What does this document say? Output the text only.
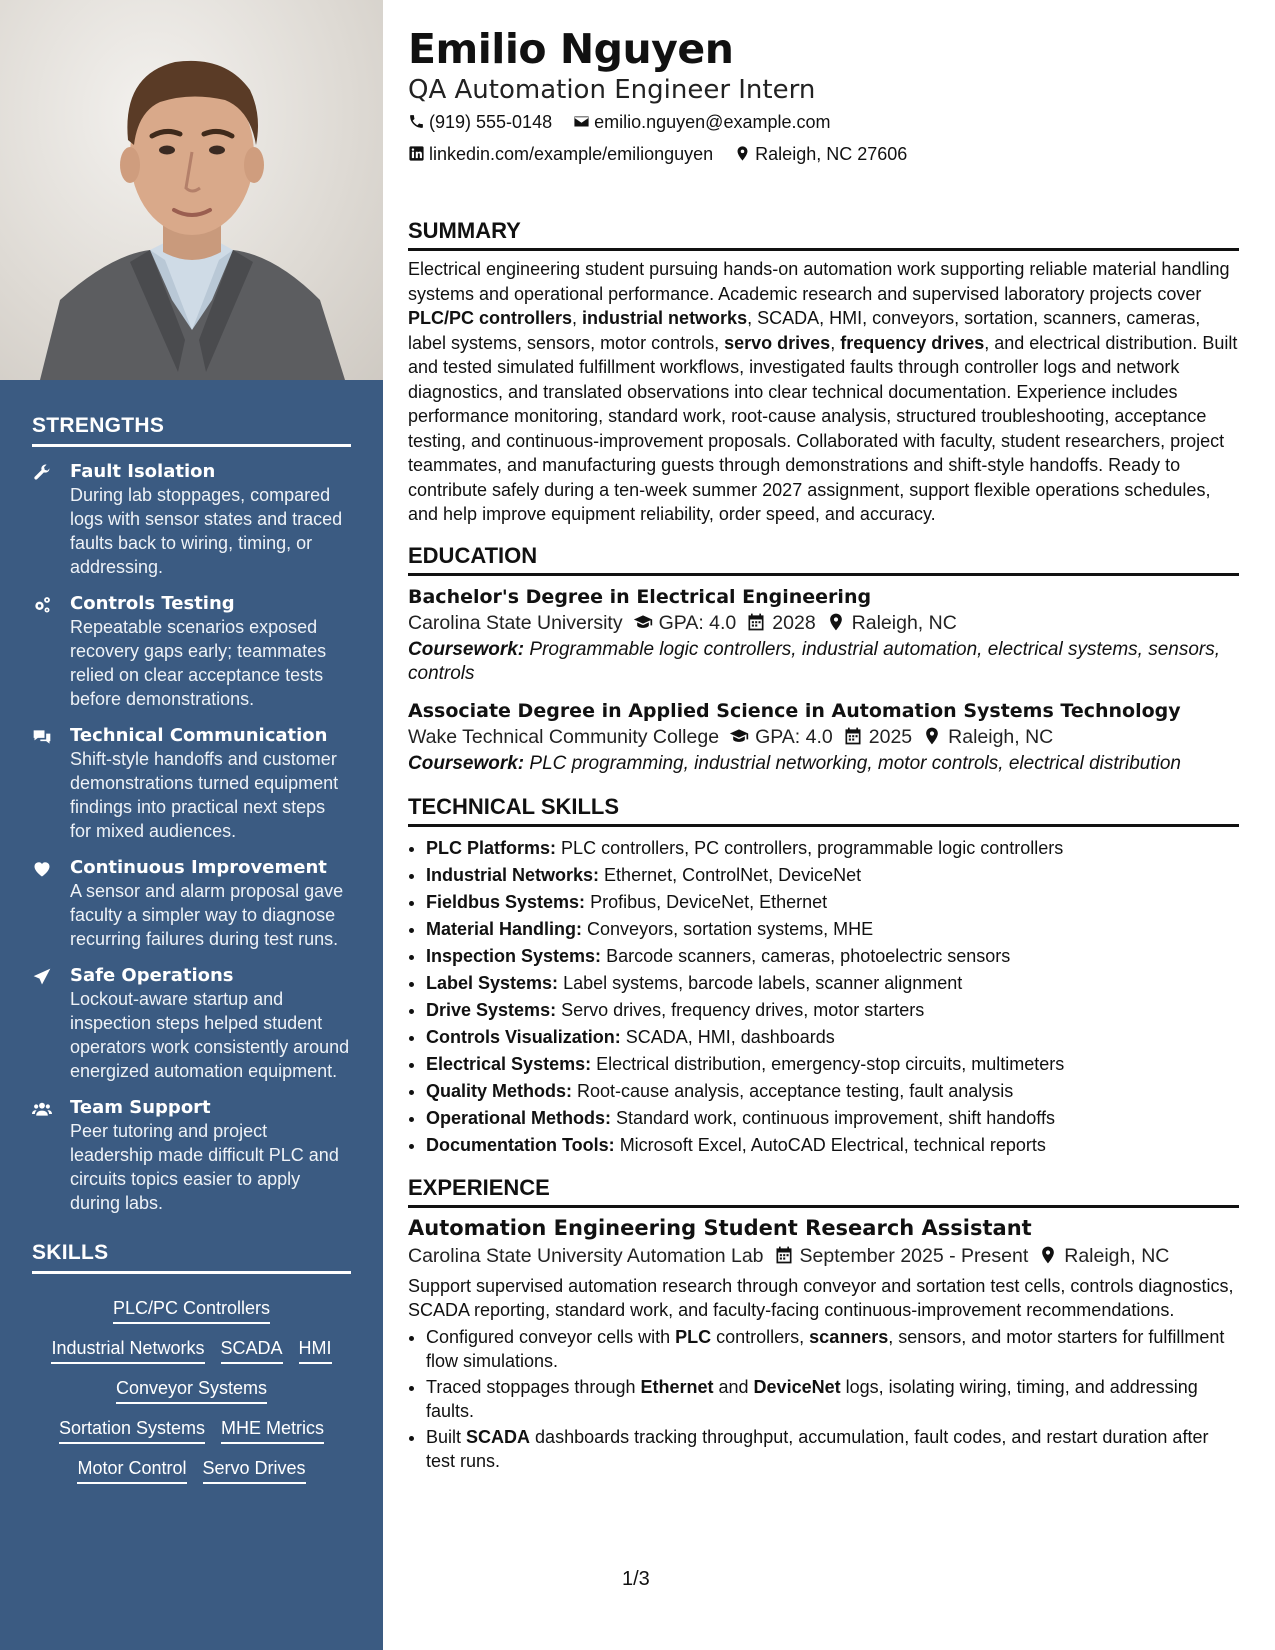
STRENGTHS
Fault Isolation
During lab stoppages, compared logs with sensor states and traced faults back to wiring, timing, or addressing.
Controls Testing
Repeatable scenarios exposed recovery gaps early; teammates relied on clear acceptance tests before demonstrations.
Technical Communication
Shift-style handoffs and customer demonstrations turned equipment findings into practical next steps for mixed audiences.
Continuous Improvement
A sensor and alarm proposal gave faculty a simpler way to diagnose recurring failures during test runs.
Safe Operations
Lockout-aware startup and inspection steps helped student operators work consistently around energized automation equipment.
Team Support
Peer tutoring and project leadership made difficult PLC and circuits topics easier to apply during labs.
SKILLS
PLC/PC Controllers
Industrial Networks SCADA HMI
Conveyor Systems
Sortation Systems MHE Metrics
Motor Control Servo Drives
Emilio Nguyen
QA Automation Engineer Intern
(919) 555-0148 emilio.nguyen@example.com
linkedin.com/example/emilionguyen Raleigh, NC 27606
SUMMARY
Electrical engineering student pursuing hands-on automation work supporting reliable material handling systems and operational performance. Academic research and supervised laboratory projects cover PLC/PC controllers, industrial networks, SCADA, HMI, conveyors, sortation, scanners, cameras, label systems, sensors, motor controls, servo drives, frequency drives, and electrical distribution. Built and tested simulated fulfillment workflows, investigated faults through controller logs and network diagnostics, and translated observations into clear technical documentation. Experience includes performance monitoring, standard work, root-cause analysis, structured troubleshooting, acceptance testing, and continuous-improvement proposals. Collaborated with faculty, student researchers, project teammates, and manufacturing guests through demonstrations and shift-style handoffs. Ready to contribute safely during a ten-week summer 2027 assignment, support flexible operations schedules, and help improve equipment reliability, order speed, and accuracy.
EDUCATION
Bachelor's Degree in Electrical Engineering
Carolina State University GPA: 4.0 2028 Raleigh, NC
Coursework: Programmable logic controllers, industrial automation, electrical systems, sensors, controls
Associate Degree in Applied Science in Automation Systems Technology
Wake Technical Community College GPA: 4.0 2025 Raleigh, NC
Coursework: PLC programming, industrial networking, motor controls, electrical distribution
TECHNICAL SKILLS
• PLC Platforms: PLC controllers, PC controllers, programmable logic controllers
• Industrial Networks: Ethernet, ControlNet, DeviceNet
• Fieldbus Systems: Profibus, DeviceNet, Ethernet
• Material Handling: Conveyors, sortation systems, MHE
• Inspection Systems: Barcode scanners, cameras, photoelectric sensors
• Label Systems: Label systems, barcode labels, scanner alignment
• Drive Systems: Servo drives, frequency drives, motor starters
• Controls Visualization: SCADA, HMI, dashboards
• Electrical Systems: Electrical distribution, emergency-stop circuits, multimeters
• Quality Methods: Root-cause analysis, acceptance testing, fault analysis
• Operational Methods: Standard work, continuous improvement, shift handoffs
• Documentation Tools: Microsoft Excel, AutoCAD Electrical, technical reports
EXPERIENCE
Automation Engineering Student Research Assistant
Carolina State University Automation Lab September 2025 - Present Raleigh, NC
Support supervised automation research through conveyor and sortation test cells, controls diagnostics, SCADA reporting, standard work, and faculty-facing continuous-improvement recommendations.
• Configured conveyor cells with PLC controllers, scanners, sensors, and motor starters for fulfillment flow simulations.
• Traced stoppages through Ethernet and DeviceNet logs, isolating wiring, timing, and addressing faults.
• Built SCADA dashboards tracking throughput, accumulation, fault codes, and restart duration after test runs.
1/3
